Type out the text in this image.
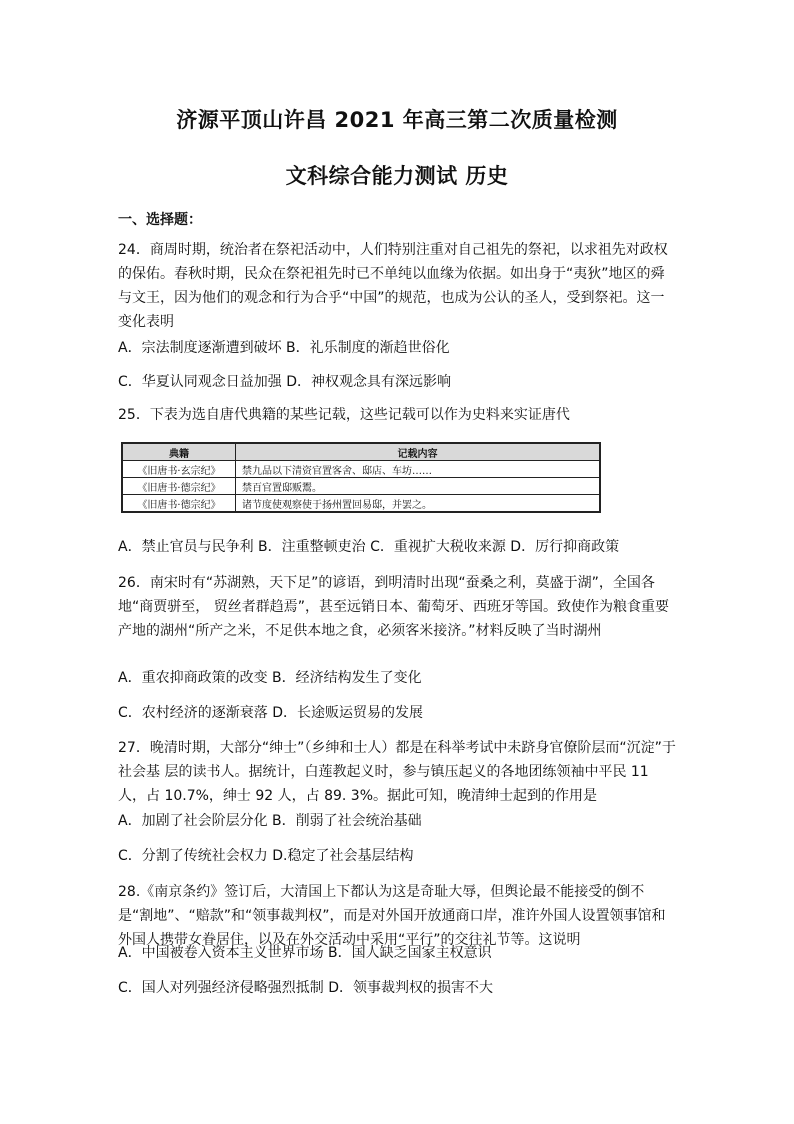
济源平顶山许昌 2021 年高三第二次质量检测
文科综合能力测试 历史
一、选择题：
24．商周时期，统治者在祭祀活动中，人们特别注重对自己祖先的祭祀，以求祖先对政权的保佑。春秋时期，民众在祭祀祖先时已不单纯以血缘为依据。如出身于“夷狄”地区的舜与文王，因为他们的观念和行为合乎“中国”的规范，也成为公认的圣人，受到祭祀。这一变化表明
A．宗法制度逐渐遭到破坏 B．礼乐制度的渐趋世俗化
C．华夏认同观念日益加强 D．神权观念具有深远影响
25．下表为选自唐代典籍的某些记载，这些记载可以作为史料来实证唐代
典籍	记载内容
《旧唐书·玄宗纪》	禁九品以下清资官置客舍、邸店、车坊……
《旧唐书·德宗纪》	禁百官置邸贩鬻。
《旧唐书·德宗纪》	诸节度使观察使于扬州置回易邸，并罢之。
A．禁止官员与民争利 B．注重整顿吏治 C．重视扩大税收来源 D．厉行抑商政策
26．南宋时有“苏湖熟，天下足”的谚语，到明清时出现“蚕桑之利，莫盛于湖”，全国各地“商贾骈至， 贸丝者群趋焉”，甚至远销日本、葡萄牙、西班牙等国。致使作为粮食重要产地的湖州“所产之米，不足供本地之食，必须客米接济。”材料反映了当时湖州
A．重农抑商政策的改变 B．经济结构发生了变化
C．农村经济的逐渐衰落 D．长途贩运贸易的发展
27．晚清时期，大部分“绅士”（乡绅和士人）都是在科举考试中未跻身官僚阶层而“沉淀”于社会基 层的读书人。据统计，白莲教起义时，参与镇压起义的各地团练领袖中平民 11 人，占 10.7%，绅士 92 人，占 89. 3%。据此可知，晚清绅士起到的作用是
A．加剧了社会阶层分化 B．削弱了社会统治基础
C．分割了传统社会权力 D.稳定了社会基层结构
28.《南京条约》签订后，大清国上下都认为这是奇耻大辱，但舆论最不能接受的倒不是“割地”、“赔款”和“领事裁判权”，而是对外国开放通商口岸，准许外国人设置领事馆和外国人携带女眷居住，以及在外交活动中采用“平行”的交往礼节等。这说明
A．中国被卷入资本主义世界市场 B．国人缺乏国家主权意识
C．国人对列强经济侵略强烈抵制 D．领事裁判权的损害不大
